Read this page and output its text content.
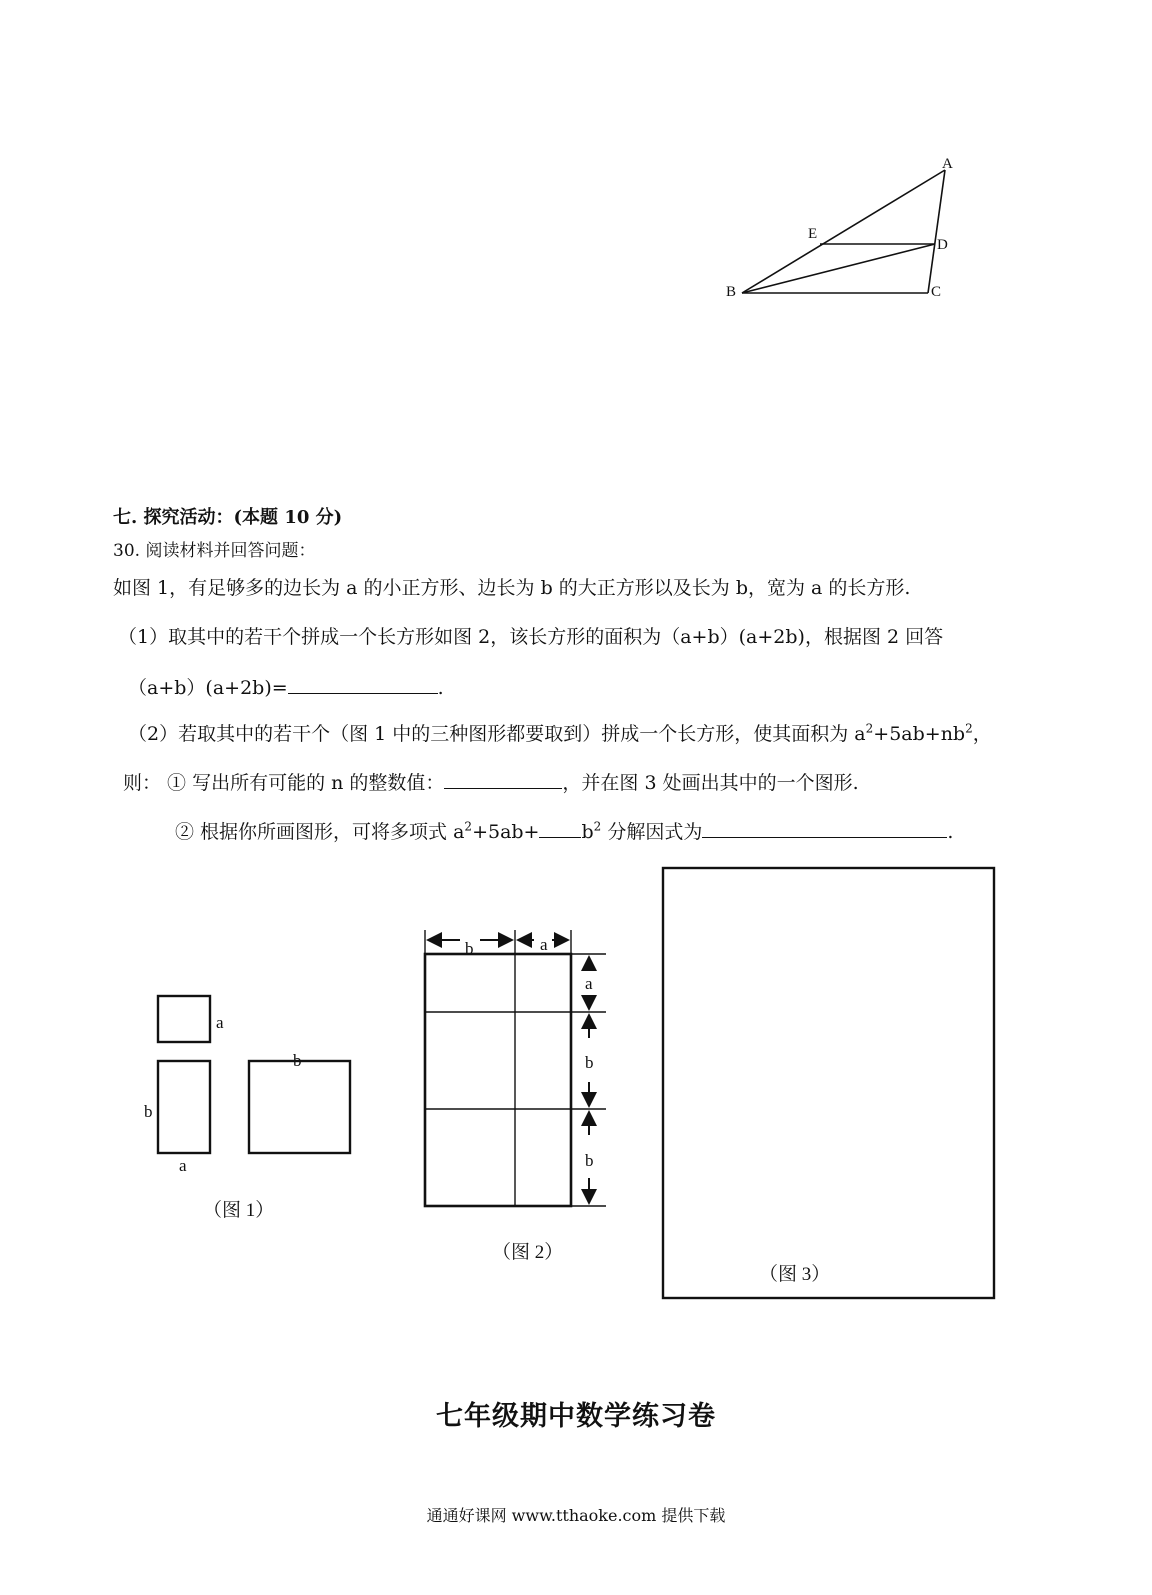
A
E
D
B	C
七. 探究活动：(本题 10 分)
30. 阅读材料并回答问题：
如图 1，有足够多的边长为 a 的小正方形、边长为 b 的大正方形以及长为 b，宽为 a 的长方形.
（1）取其中的若干个拼成一个长方形如图 2，该长方形的面积为（a+b）(a+2b)，根据图 2 回答
（a+b）(a+2b)=	.
（2）若取其中的若干个（图 1 中的三种图形都要取到）拼成一个长方形，使其面积为 $a^2+5ab+nb^2$，
则： ① 写出所有可能的 n 的整数值：	，并在图 3 处画出其中的一个图形.
② 根据你所画图形，可将多项式 $a^2+5ab+ b^2$ 分解因式为	.
a
b
a
b
（图 1）
b	a
a
b
b
（图 2）
（图 3）
七年级期中数学练习卷
通通好课网 www.tthaoke.com 提供下载
